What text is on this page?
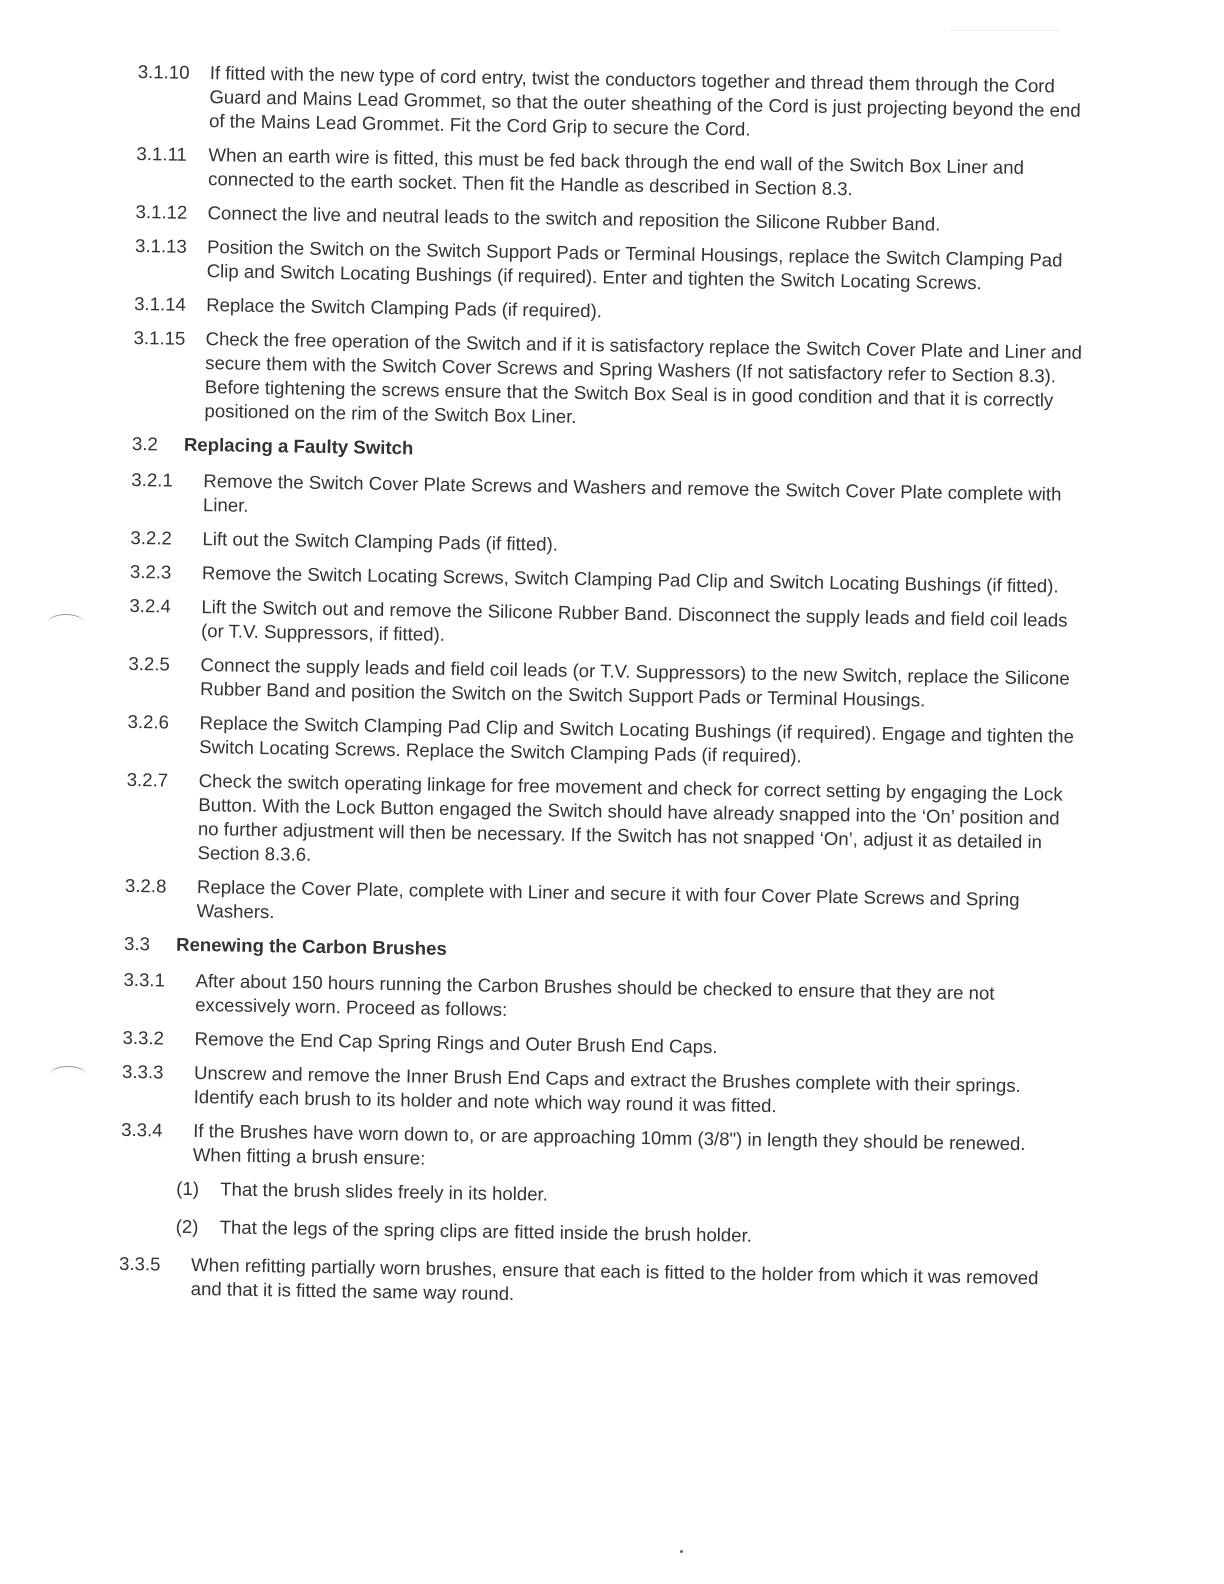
3.1.10	If fitted with the new type of cord entry, twist the conductors together and thread them through the Cord Guard and Mains Lead Grommet, so that the outer sheathing of the Cord is just projecting beyond the end of the Mains Lead Grommet. Fit the Cord Grip to secure the Cord.
3.1.11	When an earth wire is fitted, this must be fed back through the end wall of the Switch Box Liner and connected to the earth socket. Then fit the Handle as described in Section 8.3.
3.1.12	Connect the live and neutral leads to the switch and reposition the Silicone Rubber Band.
3.1.13	Position the Switch on the Switch Support Pads or Terminal Housings, replace the Switch Clamping Pad Clip and Switch Locating Bushings (if required). Enter and tighten the Switch Locating Screws.
3.1.14	Replace the Switch Clamping Pads (if required).
3.1.15	Check the free operation of the Switch and if it is satisfactory replace the Switch Cover Plate and Liner and secure them with the Switch Cover Screws and Spring Washers (If not satisfactory refer to Section 8.3). Before tightening the screws ensure that the Switch Box Seal is in good condition and that it is correctly positioned on the rim of the Switch Box Liner.
3.2	Replacing a Faulty Switch
3.2.1	Remove the Switch Cover Plate Screws and Washers and remove the Switch Cover Plate complete with Liner.
3.2.2	Lift out the Switch Clamping Pads (if fitted).
3.2.3	Remove the Switch Locating Screws, Switch Clamping Pad Clip and Switch Locating Bushings (if fitted).
3.2.4	Lift the Switch out and remove the Silicone Rubber Band. Disconnect the supply leads and field coil leads (or T.V. Suppressors, if fitted).
3.2.5	Connect the supply leads and field coil leads (or T.V. Suppressors) to the new Switch, replace the Silicone Rubber Band and position the Switch on the Switch Support Pads or Terminal Housings.
3.2.6	Replace the Switch Clamping Pad Clip and Switch Locating Bushings (if required). Engage and tighten the Switch Locating Screws. Replace the Switch Clamping Pads (if required).
3.2.7	Check the switch operating linkage for free movement and check for correct setting by engaging the Lock Button. With the Lock Button engaged the Switch should have already snapped into the ‘On’ position and no further adjustment will then be necessary. If the Switch has not snapped ‘On’, adjust it as detailed in Section 8.3.6.
3.2.8	Replace the Cover Plate, complete with Liner and secure it with four Cover Plate Screws and Spring Washers.
3.3	Renewing the Carbon Brushes
3.3.1	After about 150 hours running the Carbon Brushes should be checked to ensure that they are not excessively worn. Proceed as follows:
3.3.2	Remove the End Cap Spring Rings and Outer Brush End Caps.
3.3.3	Unscrew and remove the Inner Brush End Caps and extract the Brushes complete with their springs. Identify each brush to its holder and note which way round it was fitted.
3.3.4	If the Brushes have worn down to, or are approaching 10mm (3/8") in length they should be renewed. When fitting a brush ensure:
(1)	That the brush slides freely in its holder.
(2)	That the legs of the spring clips are fitted inside the brush holder.
3.3.5	When refitting partially worn brushes, ensure that each is fitted to the holder from which it was removed and that it is fitted the same way round.
